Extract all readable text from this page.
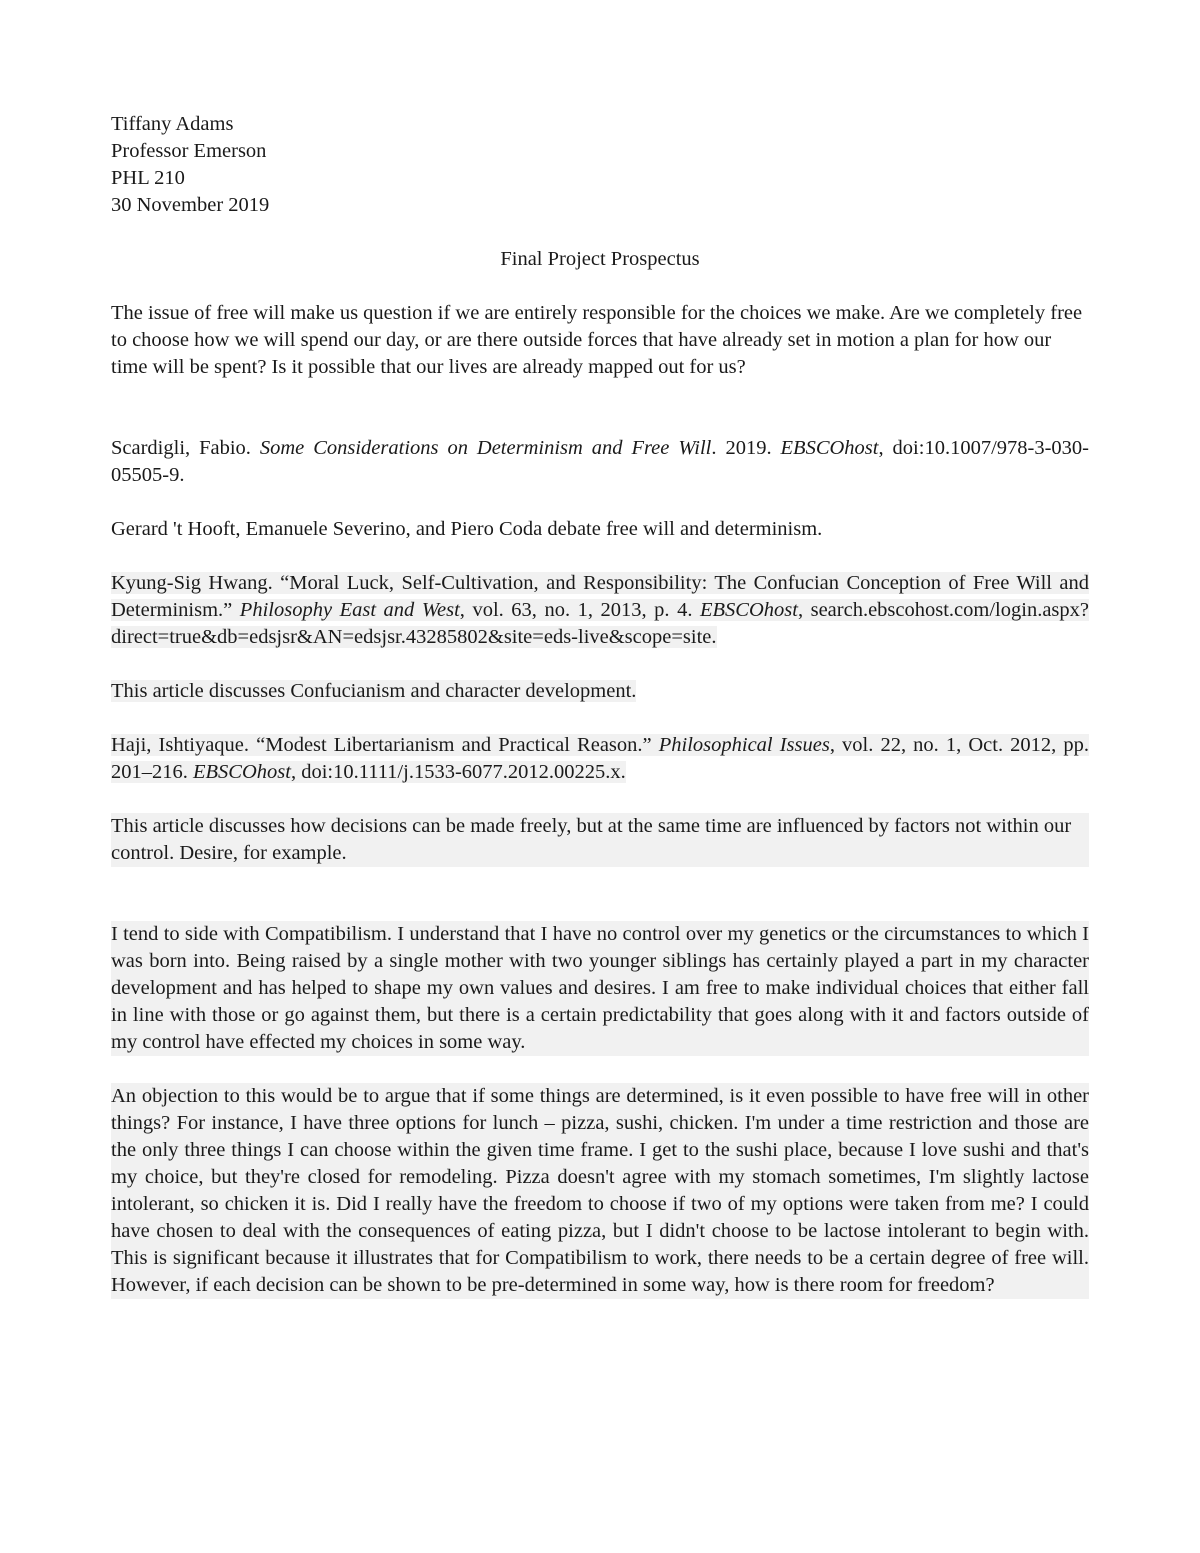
Tiffany Adams

Professor Emerson

PHL 210

30 November 2019

Final Project Prospectus

The issue of free will make us question if we are entirely responsible for the choices we make. Are we completely free to choose how we will spend our day, or are there outside forces that have already set in motion a plan for how our time will be spent? Is it possible that our lives are already mapped out for us?

Scardigli, Fabio. Some Considerations on Determinism and Free Will. 2019. EBSCOhost, doi:10.1007/978-3-030-05505-9.

Gerard 't Hooft, Emanuele Severino, and Piero Coda debate free will and determinism.

Kyung-Sig Hwang. “Moral Luck, Self-Cultivation, and Responsibility: The Confucian Conception of Free Will and Determinism.” Philosophy East and West, vol. 63, no. 1, 2013, p. 4. EBSCOhost, search.ebscohost.com/login.aspx?direct=true&db=edsjsr&AN=edsjsr.43285802&site=eds-live&scope=site.

This article discusses Confucianism and character development.

Haji, Ishtiyaque. “Modest Libertarianism and Practical Reason.” Philosophical Issues, vol. 22, no. 1, Oct. 2012, pp. 201–216. EBSCOhost, doi:10.1111/j.1533-6077.2012.00225.x.

This article discusses how decisions can be made freely, but at the same time are influenced by factors not within our control. Desire, for example.

I tend to side with Compatibilism. I understand that I have no control over my genetics or the circumstances to which I was born into. Being raised by a single mother with two younger siblings has certainly played a part in my character development and has helped to shape my own values and desires. I am free to make individual choices that either fall in line with those or go against them, but there is a certain predictability that goes along with it and factors outside of my control have effected my choices in some way.

An objection to this would be to argue that if some things are determined, is it even possible to have free will in other things? For instance, I have three options for lunch – pizza, sushi, chicken. I'm under a time restriction and those are the only three things I can choose within the given time frame. I get to the sushi place, because I love sushi and that's my choice, but they're closed for remodeling. Pizza doesn't agree with my stomach sometimes, I'm slightly lactose intolerant, so chicken it is. Did I really have the freedom to choose if two of my options were taken from me? I could have chosen to deal with the consequences of eating pizza, but I didn't choose to be lactose intolerant to begin with. This is significant because it illustrates that for Compatibilism to work, there needs to be a certain degree of free will. However, if each decision can be shown to be pre-determined in some way, how is there room for freedom?
